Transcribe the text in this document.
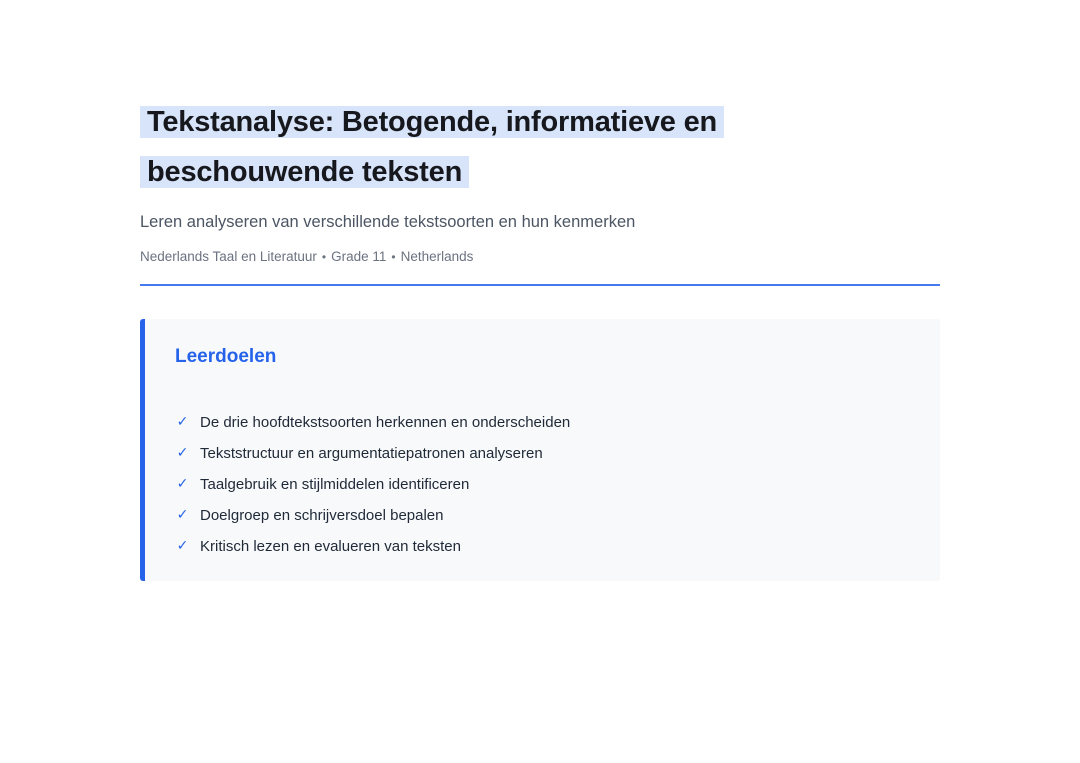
Tekstanalyse: Betogende, informatieve en
beschouwende teksten

Leren analyseren van verschillende tekstsoorten en hun kenmerken

Nederlands Taal en Literatuur • Grade 11 • Netherlands

Leerdoelen
✓ De drie hoofdtekstsoorten herkennen en onderscheiden
✓ Tekststructuur en argumentatiepatronen analyseren
✓ Taalgebruik en stijlmiddelen identificeren
✓ Doelgroep en schrijversdoel bepalen
✓ Kritisch lezen en evalueren van teksten
